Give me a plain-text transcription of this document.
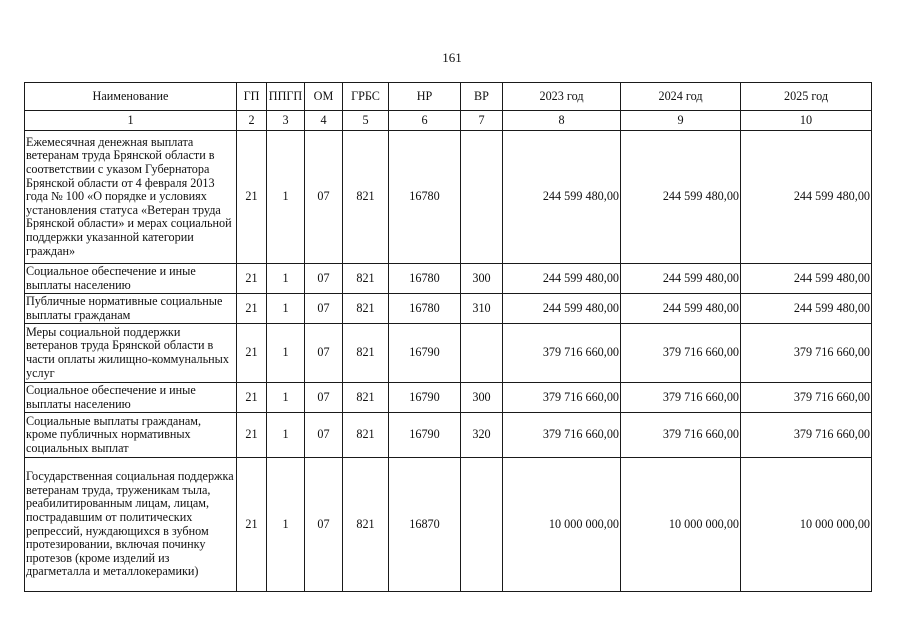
161
Наименование	ГП	ППГП	ОМ	ГРБС	НР	ВР	2023 год	2024 год	2025 год
1	2	3	4	5	6	7	8	9	10
Ежемесячная денежная выплата ветеранам труда Брянской области в соответствии с указом Губернатора Брянской области от 4 февраля 2013 года № 100 «О порядке и условиях установления статуса «Ветеран труда Брянской области» и мерах социальной поддержки указанной категории граждан»	21	1	07	821	16780		244 599 480,00	244 599 480,00	244 599 480,00
Социальное обеспечение и иные выплаты населению	21	1	07	821	16780	300	244 599 480,00	244 599 480,00	244 599 480,00
Публичные нормативные социальные выплаты гражданам	21	1	07	821	16780	310	244 599 480,00	244 599 480,00	244 599 480,00
Меры социальной поддержки ветеранов труда Брянской области в части оплаты жилищно-коммунальных услуг	21	1	07	821	16790		379 716 660,00	379 716 660,00	379 716 660,00
Социальное обеспечение и иные выплаты населению	21	1	07	821	16790	300	379 716 660,00	379 716 660,00	379 716 660,00
Социальные выплаты гражданам, кроме публичных нормативных социальных выплат	21	1	07	821	16790	320	379 716 660,00	379 716 660,00	379 716 660,00
Государственная социальная поддержка ветеранам труда, труженикам тыла, реабилитированным лицам, лицам, пострадавшим от политических репрессий, нуждающихся в зубном протезировании, включая починку протезов (кроме изделий из драгметалла и металлокерамики)	21	1	07	821	16870		10 000 000,00	10 000 000,00	10 000 000,00
